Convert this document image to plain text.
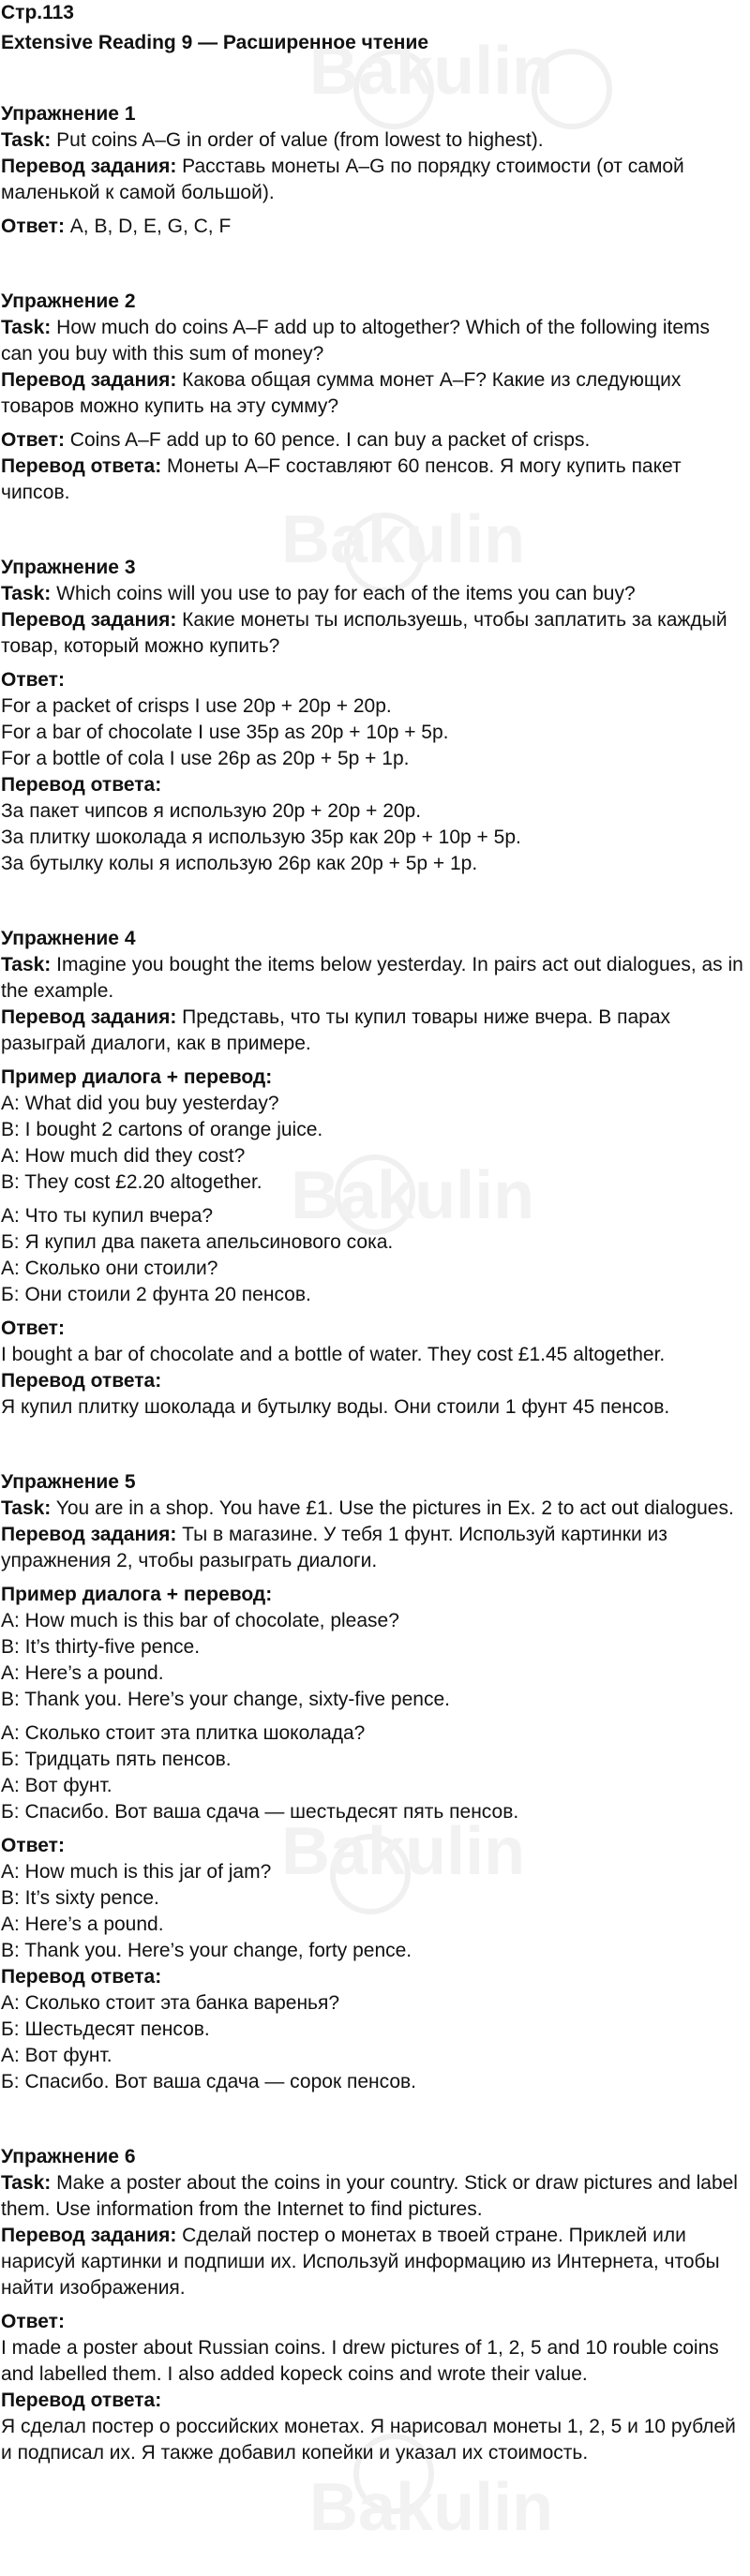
Bakulin
Bakulin
Bakulin
Bakulin
Bakulin

Стр.113

Extensive Reading 9 — Расширенное чтение

Упражнение 1

Task: Put coins A–G in order of value (from lowest to highest).

Перевод задания: Расставь монеты A–G по порядку стоимости (от самой маленькой к самой большой).

Ответ: A, B, D, E, G, C, F

Упражнение 2

Task: How much do coins A–F add up to altogether? Which of the following items can you buy with this sum of money?

Перевод задания: Какова общая сумма монет A–F? Какие из следующих товаров можно купить на эту сумму?

Ответ: Coins A–F add up to 60 pence. I can buy a packet of crisps.

Перевод ответа: Монеты A–F составляют 60 пенсов. Я могу купить пакет чипсов.

Упражнение 3

Task: Which coins will you use to pay for each of the items you can buy?

Перевод задания: Какие монеты ты используешь, чтобы заплатить за каждый товар, который можно купить?

Ответ:

For a packet of crisps I use 20p + 20p + 20p.

For a bar of chocolate I use 35p as 20p + 10p + 5p.

For a bottle of cola I use 26p as 20p + 5p + 1p.

Перевод ответа:

За пакет чипсов я использую 20p + 20p + 20p.

За плитку шоколада я использую 35p как 20p + 10p + 5p.

За бутылку колы я использую 26p как 20p + 5p + 1p.

Упражнение 4

Task: Imagine you bought the items below yesterday. In pairs act out dialogues, as in the example.

Перевод задания: Представь, что ты купил товары ниже вчера. В парах разыграй диалоги, как в примере.

Пример диалога + перевод:

A: What did you buy yesterday?

B: I bought 2 cartons of orange juice.

A: How much did they cost?

B: They cost £2.20 altogether.

А: Что ты купил вчера?

Б: Я купил два пакета апельсинового сока.

А: Сколько они стоили?

Б: Они стоили 2 фунта 20 пенсов.

Ответ:

I bought a bar of chocolate and a bottle of water. They cost £1.45 altogether.

Перевод ответа:

Я купил плитку шоколада и бутылку воды. Они стоили 1 фунт 45 пенсов.

Упражнение 5

Task: You are in a shop. You have £1. Use the pictures in Ex. 2 to act out dialogues.

Перевод задания: Ты в магазине. У тебя 1 фунт. Используй картинки из упражнения 2, чтобы разыграть диалоги.

Пример диалога + перевод:

A: How much is this bar of chocolate, please?

B: It’s thirty-five pence.

A: Here’s a pound.

B: Thank you. Here’s your change, sixty-five pence.

А: Сколько стоит эта плитка шоколада?

Б: Тридцать пять пенсов.

А: Вот фунт.

Б: Спасибо. Вот ваша сдача — шестьдесят пять пенсов.

Ответ:

A: How much is this jar of jam?

B: It’s sixty pence.

A: Here’s a pound.

B: Thank you. Here’s your change, forty pence.

Перевод ответа:

А: Сколько стоит эта банка варенья?

Б: Шестьдесят пенсов.

А: Вот фунт.

Б: Спасибо. Вот ваша сдача — сорок пенсов.

Упражнение 6

Task: Make a poster about the coins in your country. Stick or draw pictures and label them. Use information from the Internet to find pictures.

Перевод задания: Сделай постер о монетах в твоей стране. Приклей или нарисуй картинки и подпиши их. Используй информацию из Интернета, чтобы найти изображения.

Ответ:

I made a poster about Russian coins. I drew pictures of 1, 2, 5 and 10 rouble coins and labelled them. I also added kopeck coins and wrote their value.

Перевод ответа:

Я сделал постер о российских монетах. Я нарисовал монеты 1, 2, 5 и 10 рублей и подписал их. Я также добавил копейки и указал их стоимость.
